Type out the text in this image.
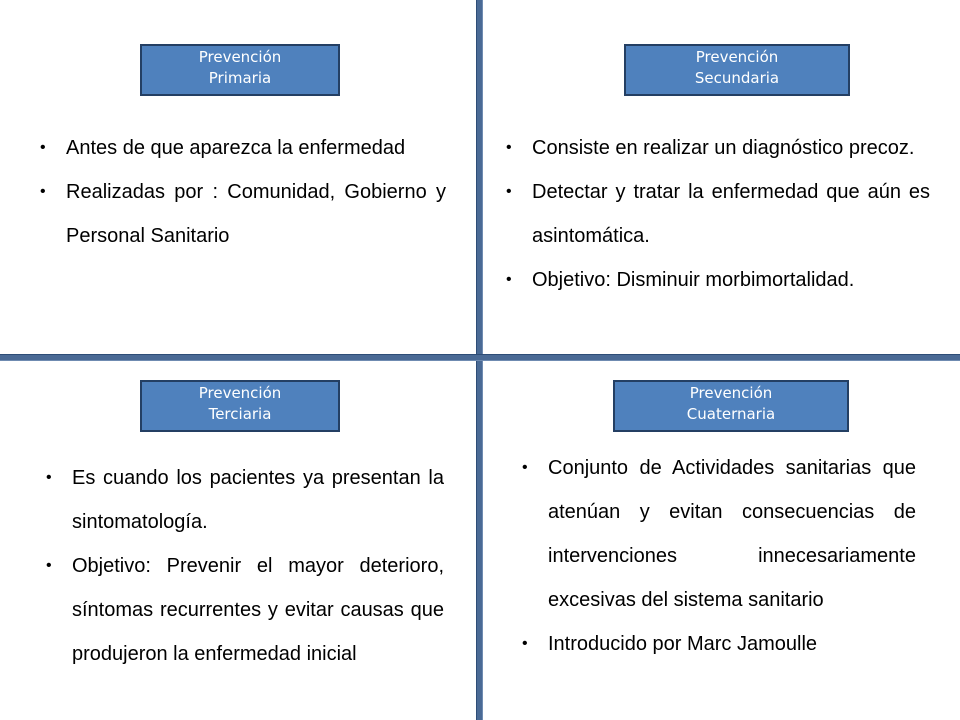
Prevención
Primaria
• Antes de que aparezca la enfermedad
• Realizadas por : Comunidad, Gobierno y Personal Sanitario
Prevención
Secundaria
• Consiste en realizar un diagnóstico precoz.
• Detectar y tratar la enfermedad que aún es asintomática.
• Objetivo: Disminuir morbimortalidad.
Prevención
Terciaria
• Es cuando los pacientes ya presentan la sintomatología.
• Objetivo: Prevenir el mayor deterioro, síntomas recurrentes y evitar causas que produjeron la enfermedad inicial
Prevención
Cuaternaria
• Conjunto de Actividades sanitarias que atenúan y evitan consecuencias de intervenciones innecesariamente excesivas del sistema sanitario
• Introducido por Marc Jamoulle
